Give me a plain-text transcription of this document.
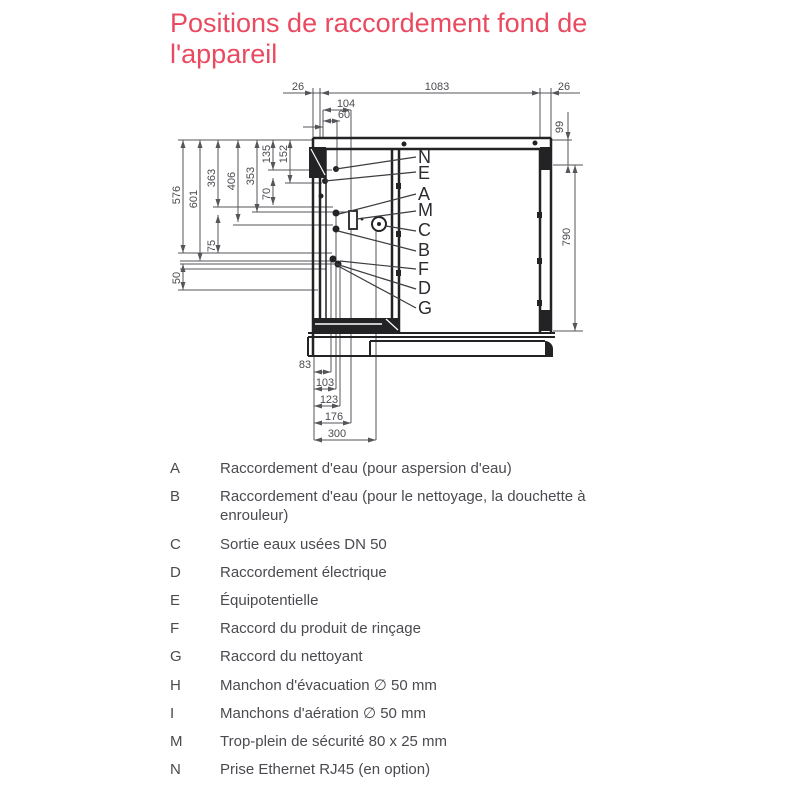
Positions de raccordement fond de l'appareil
26	1083	26
104
60
576 601
363 406 353
135 152
70
75
50
99
790
83
103
123
176
300
N
E
A
M
C
B
F
D
G
A	Raccordement d'eau (pour aspersion d'eau)
B	Raccordement d'eau (pour le nettoyage, la douchette à enrouleur)
C	Sortie eaux usées DN 50
D	Raccordement électrique
E	Équipotentielle
F	Raccord du produit de rinçage
G	Raccord du nettoyant
H	Manchon d'évacuation ∅ 50 mm
I	Manchons d'aération ∅ 50 mm
M	Trop-plein de sécurité 80 x 25 mm
N	Prise Ethernet RJ45 (en option)
